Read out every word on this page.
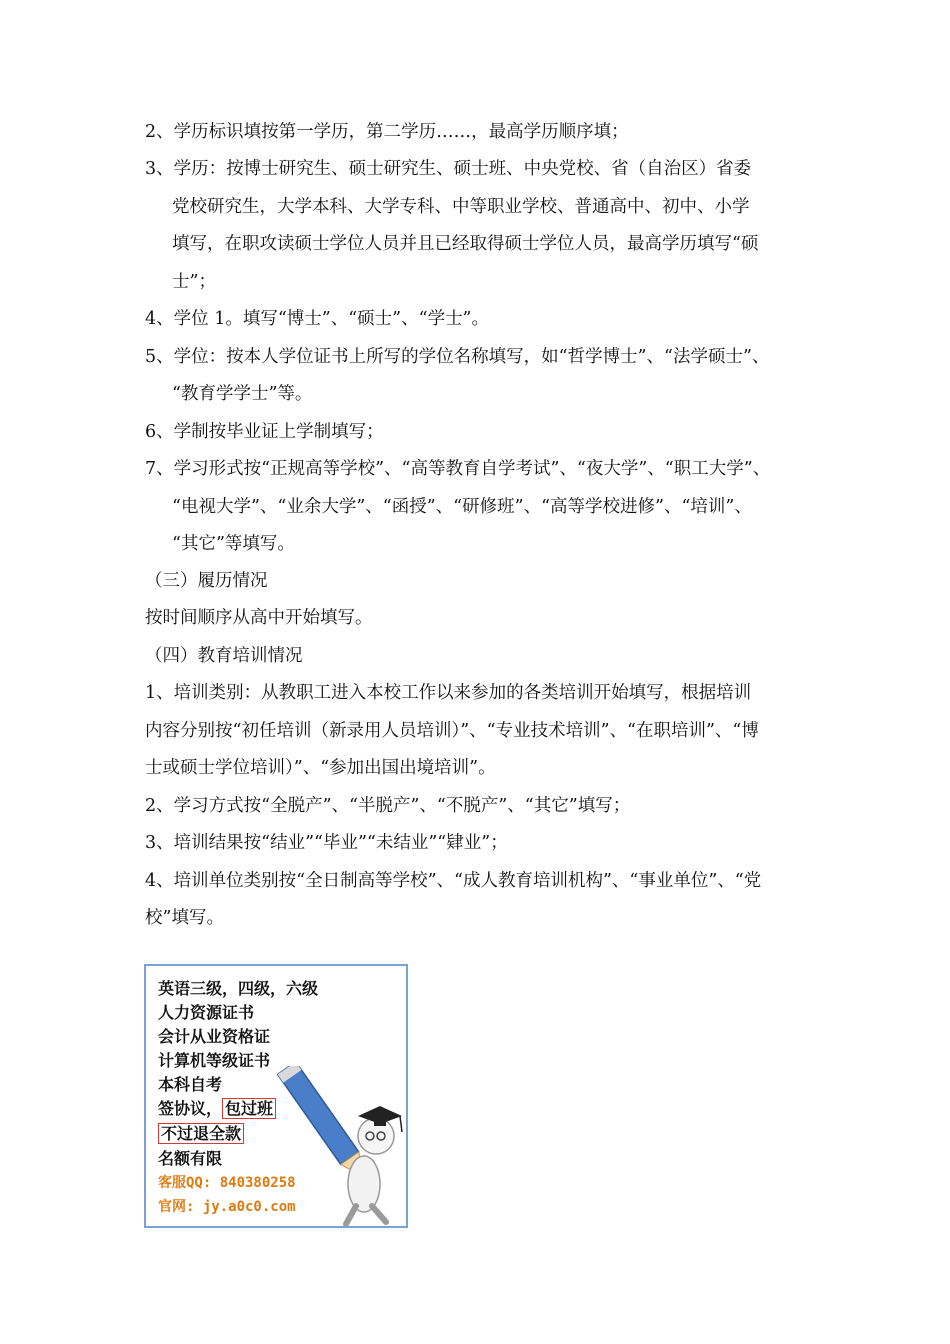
2、学历标识填按第一学历，第二学历……，最高学历顺序填；
3、学历：按博士研究生、硕士研究生、硕士班、中央党校、省（自治区）省委
党校研究生，大学本科、大学专科、中等职业学校、普通高中、初中、小学
填写，在职攻读硕士学位人员并且已经取得硕士学位人员，最高学历填写“硕
士”；
4、学位 1。填写“博士”、“硕士”、“学士”。
5、学位：按本人学位证书上所写的学位名称填写，如“哲学博士”、“法学硕士”、
“教育学学士”等。
6、学制按毕业证上学制填写；
7、学习形式按“正规高等学校”、“高等教育自学考试”、“夜大学”、“职工大学”、
“电视大学”、“业余大学”、“函授”、“研修班”、“高等学校进修”、“培训”、
“其它”等填写。
（三）履历情况
按时间顺序从高中开始填写。
（四）教育培训情况
1、培训类别：从教职工进入本校工作以来参加的各类培训开始填写，根据培训
内容分别按“初任培训（新录用人员培训）”、“专业技术培训”、“在职培训”、“博
士或硕士学位培训）”、“参加出国出境培训”。
2、学习方式按“全脱产”、“半脱产”、“不脱产”、“其它”填写；
3、培训结果按“结业”“毕业”“未结业”“肄业”；
4、培训单位类别按“全日制高等学校”、“成人教育培训机构”、“事业单位”、“党
校”填写。
英语三级，四级，六级
人力资源证书
会计从业资格证
计算机等级证书
本科自考
签协议， 包过班
不过退全款
名额有限
客服QQ: 840380258
官网: jy.a0c0.com
